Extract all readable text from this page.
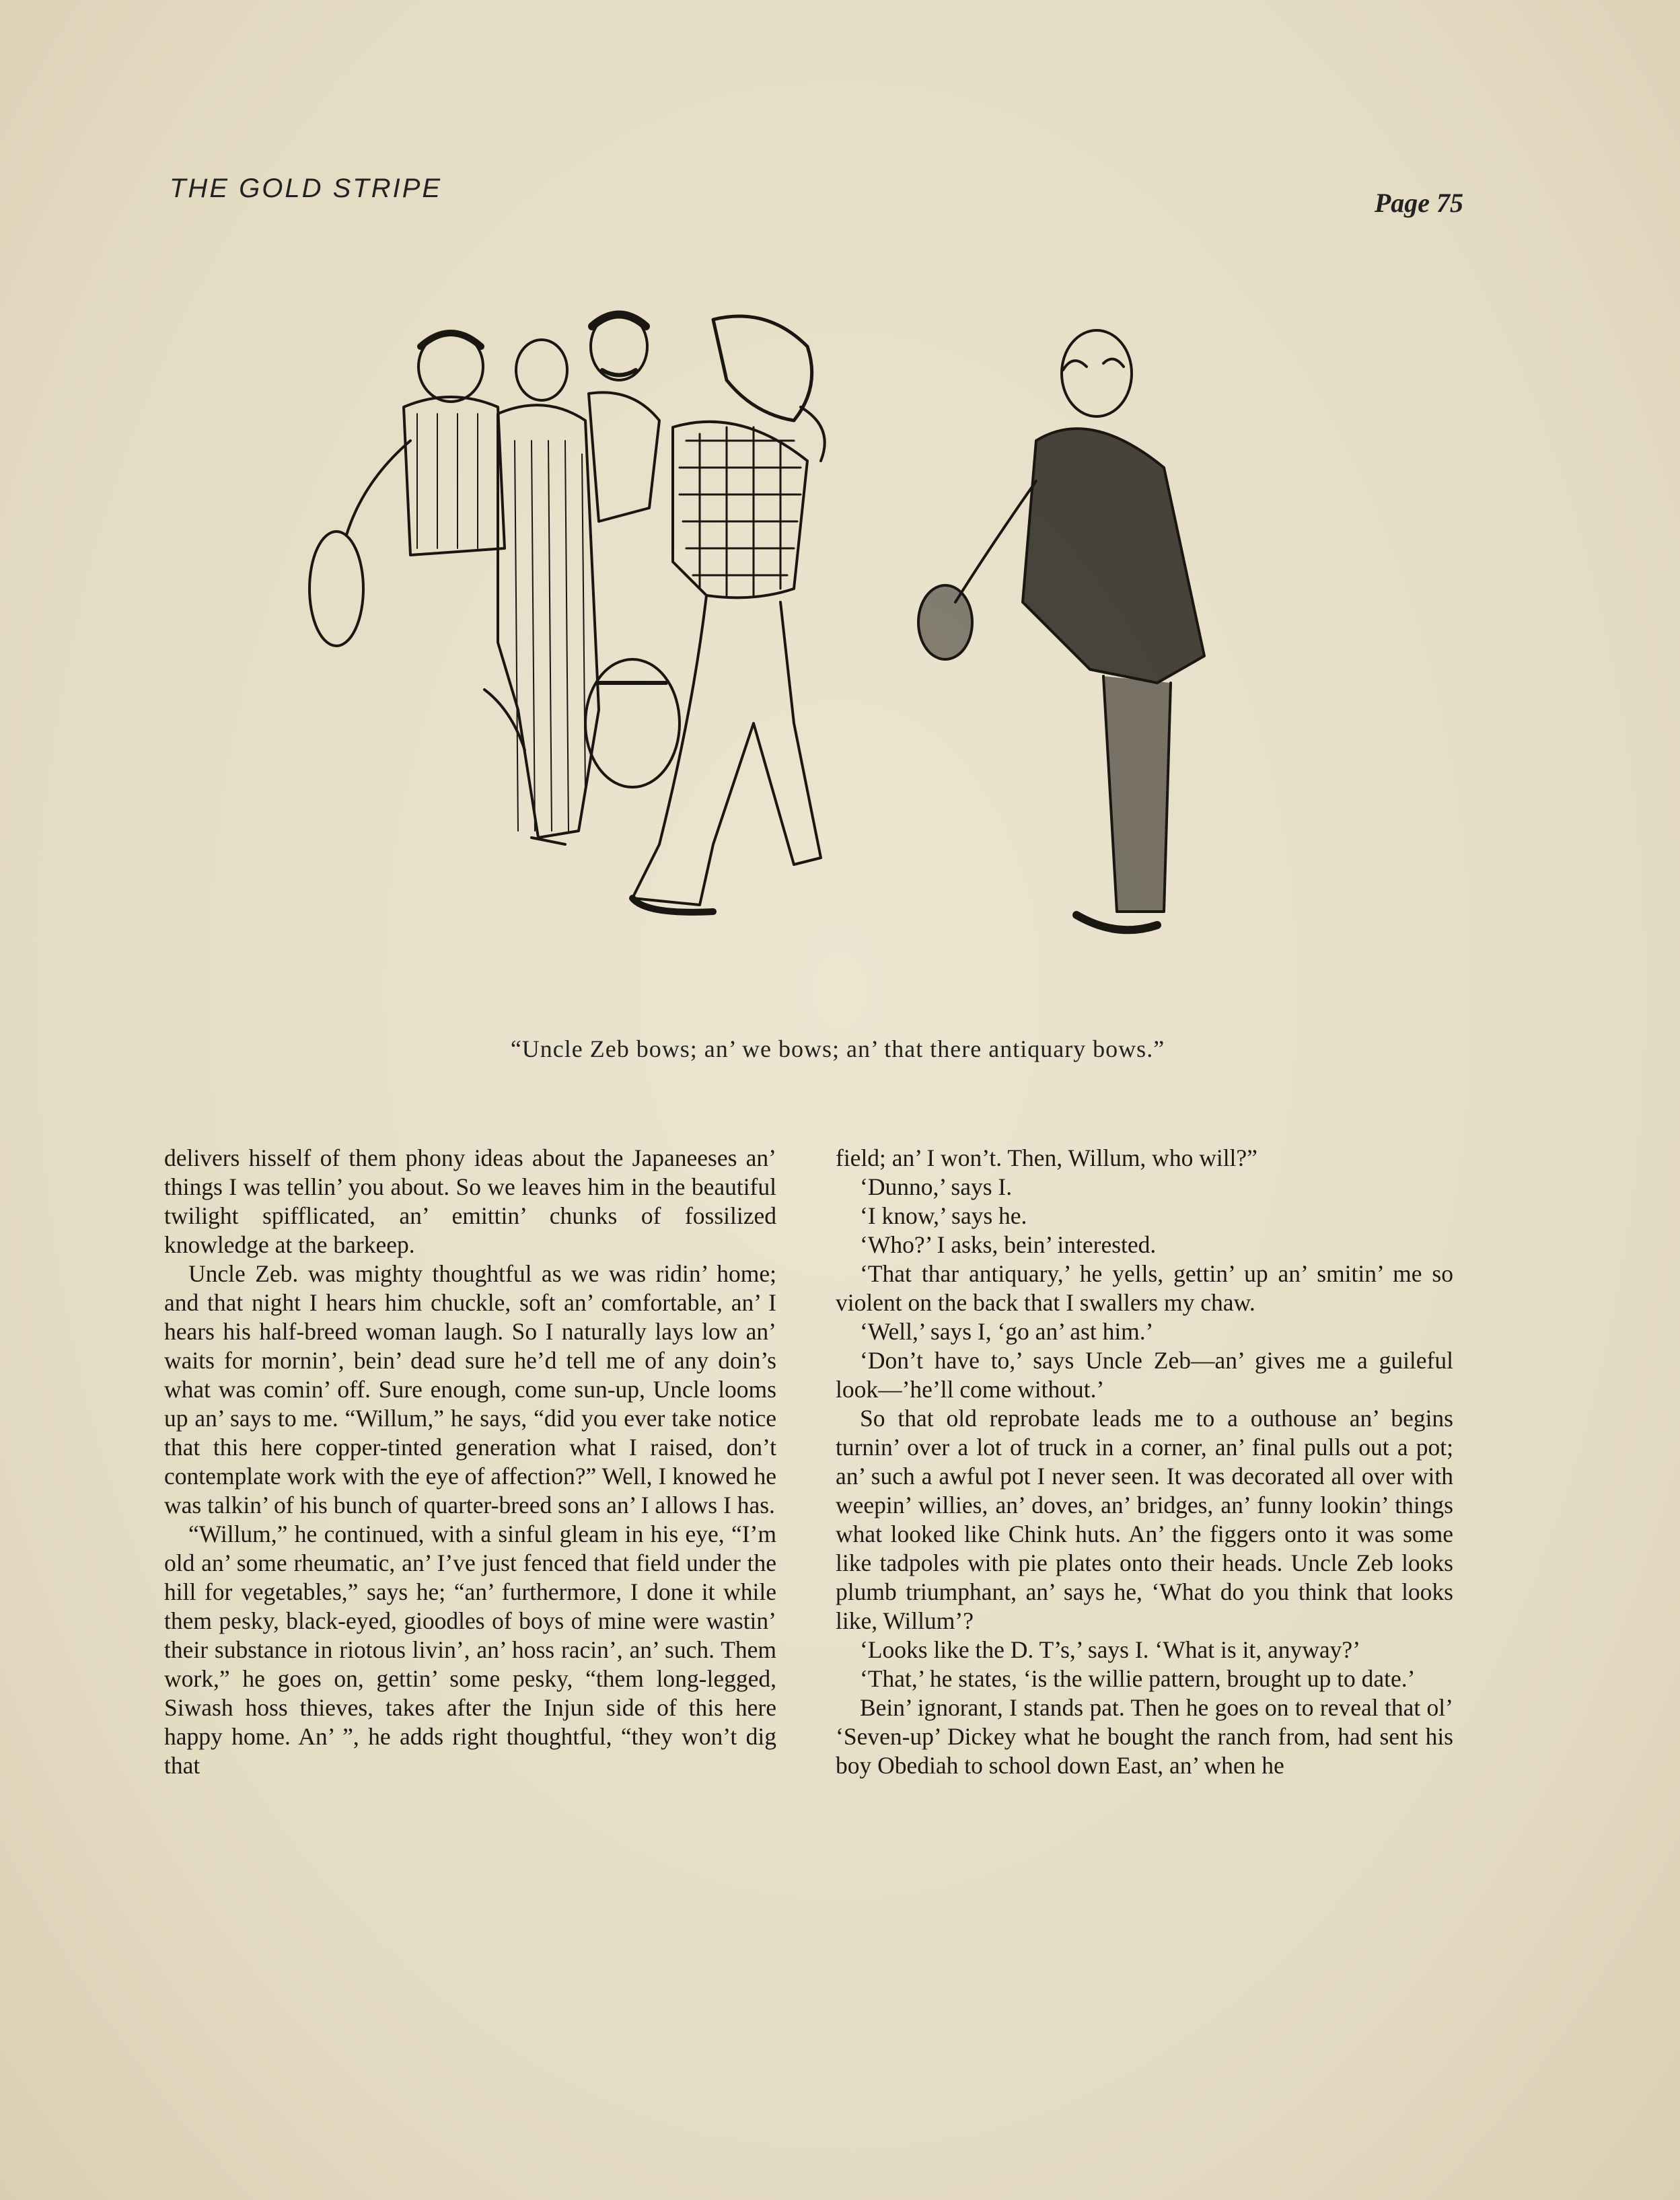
THE GOLD STRIPE	Page 75
“Uncle Zeb bows; an’ we bows; an’ that there antiquary bows.”

delivers hisself of them phony ideas about the Japaneeses an’ things I was tellin’ you about. So we leaves him in the beautiful twilight spifflicated, an’ emittin’ chunks of fossilized knowledge at the barkeep.

Uncle Zeb. was mighty thoughtful as we was ridin’ home; and that night I hears him chuckle, soft an’ comfortable, an’ I hears his half-breed woman laugh. So I naturally lays low an’ waits for mornin’, bein’ dead sure he’d tell me of any doin’s what was comin’ off. Sure enough, come sun-up, Uncle looms up an’ says to me. “Willum,” he says, “did you ever take notice that this here copper-tinted generation what I raised, don’t contemplate work with the eye of affection?” Well, I knowed he was talkin’ of his bunch of quarter-breed sons an’ I allows I has.

“Willum,” he continued, with a sinful gleam in his eye, “I’m old an’ some rheumatic, an’ I’ve just fenced that field under the hill for vegetables,” says he; “an’ furthermore, I done it while them pesky, black-eyed, gioodles of boys of mine were wastin’ their substance in riotous livin’, an’ hoss racin’, an’ such. Them work,” he goes on, gettin’ some pesky, “them long-legged, Siwash hoss thieves, takes after the Injun side of this here happy home. An’ ”, he adds right thoughtful, “they won’t dig that

field; an’ I won’t. Then, Willum, who will?”

‘Dunno,’ says I.

‘I know,’ says he.

‘Who?’ I asks, bein’ interested.

‘That thar antiquary,’ he yells, gettin’ up an’ smitin’ me so violent on the back that I swallers my chaw.

‘Well,’ says I, ‘go an’ ast him.’

‘Don’t have to,’ says Uncle Zeb—an’ gives me a guileful look—’he’ll come without.’

So that old reprobate leads me to a outhouse an’ begins turnin’ over a lot of truck in a corner, an’ final pulls out a pot; an’ such a awful pot I never seen. It was decorated all over with weepin’ willies, an’ doves, an’ bridges, an’ funny lookin’ things what looked like Chink huts. An’ the figgers onto it was some like tadpoles with pie plates onto their heads. Uncle Zeb looks plumb triumphant, an’ says he, ‘What do you think that looks like, Willum’?

‘Looks like the D. T’s,’ says I. ‘What is it, anyway?’

‘That,’ he states, ‘is the willie pattern, brought up to date.’

Bein’ ignorant, I stands pat. Then he goes on to reveal that ol’ ‘Seven-up’ Dickey what he bought the ranch from, had sent his boy Obediah to school down East, an’ when he
